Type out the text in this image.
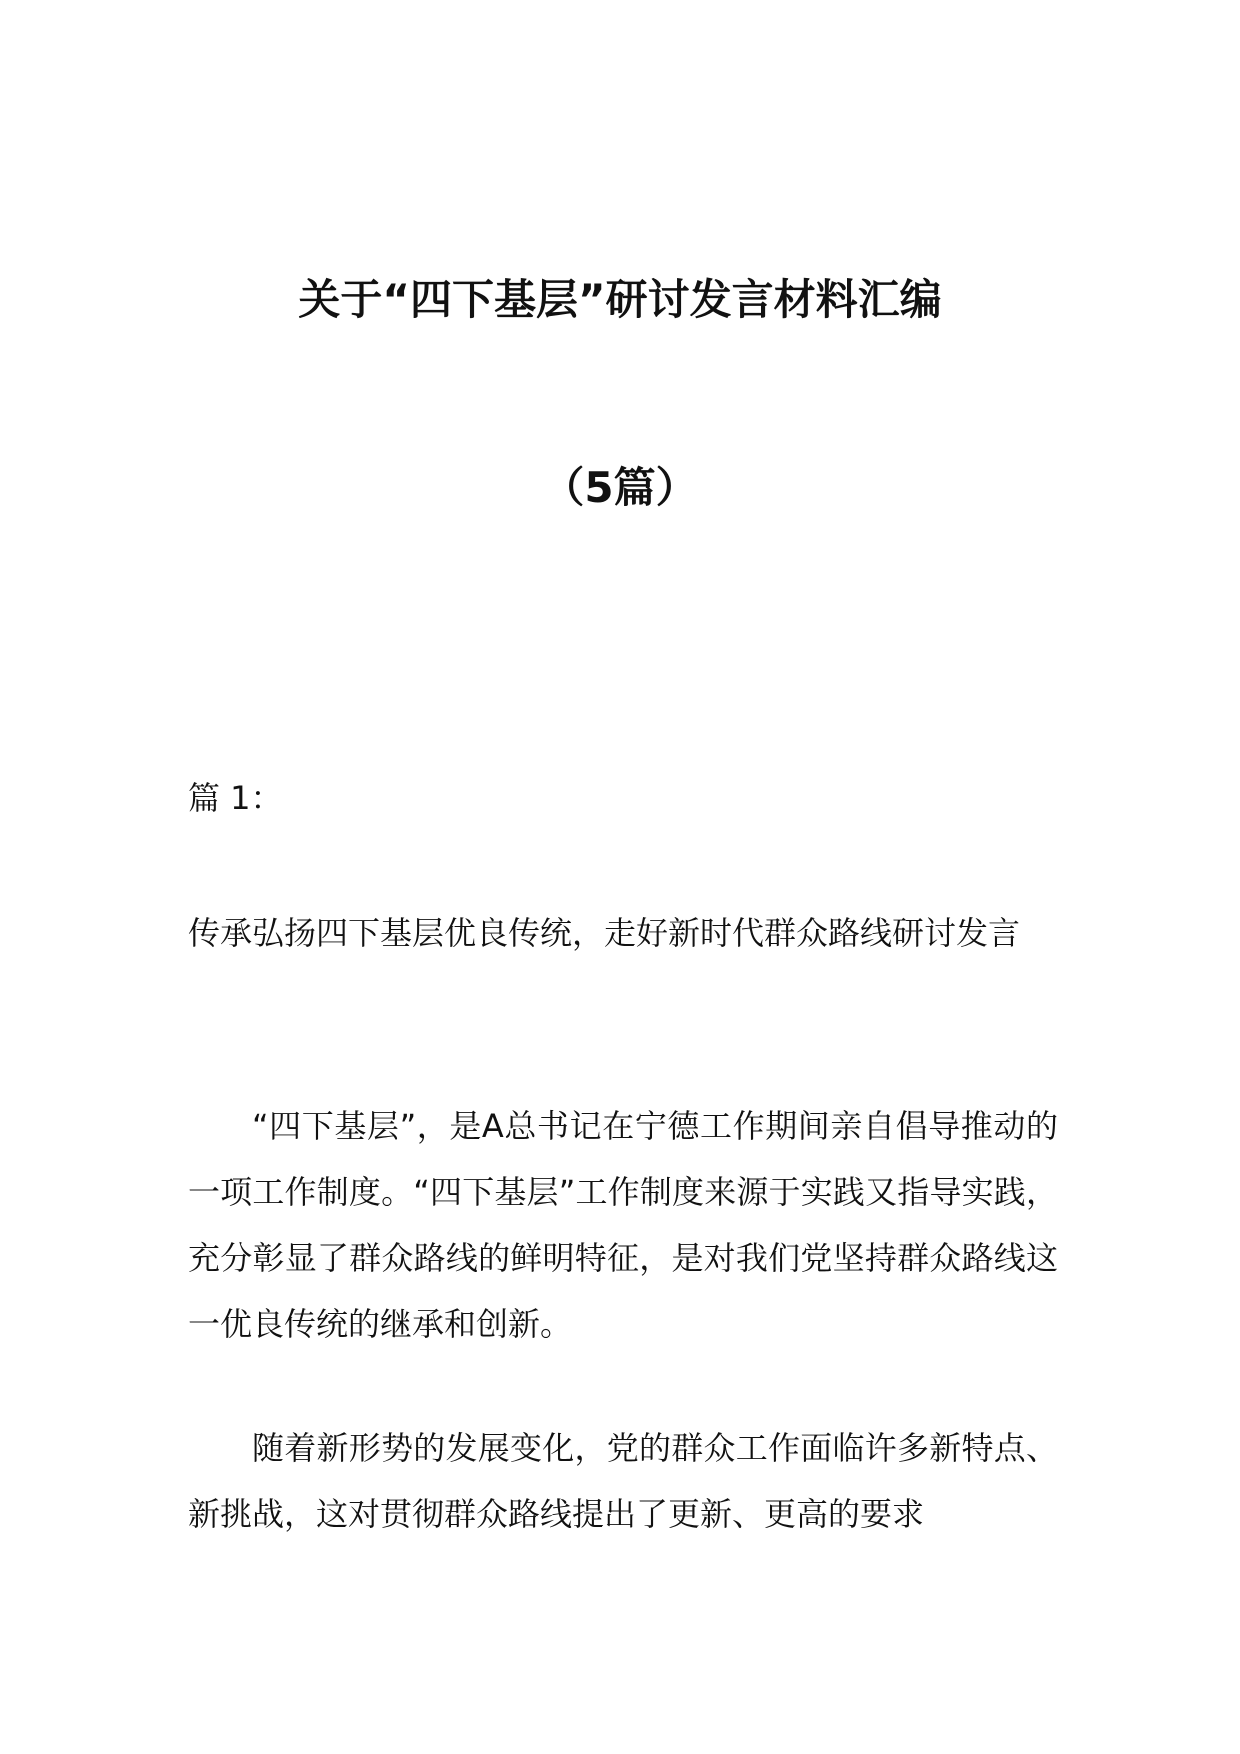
关于“四下基层”研讨发言材料汇编
（5篇）

篇 1：

传承弘扬四下基层优良传统，走好新时代群众路线研讨发言

“四下基层”，是A总书记在宁德工作期间亲自倡导推动的一项工作制度。“四下基层”工作制度来源于实践又指导实践，充分彰显了群众路线的鲜明特征，是对我们党坚持群众路线这一优良传统的继承和创新。

随着新形势的发展变化，党的群众工作面临许多新特点、新挑战，这对贯彻群众路线提出了更新、更高的要求
